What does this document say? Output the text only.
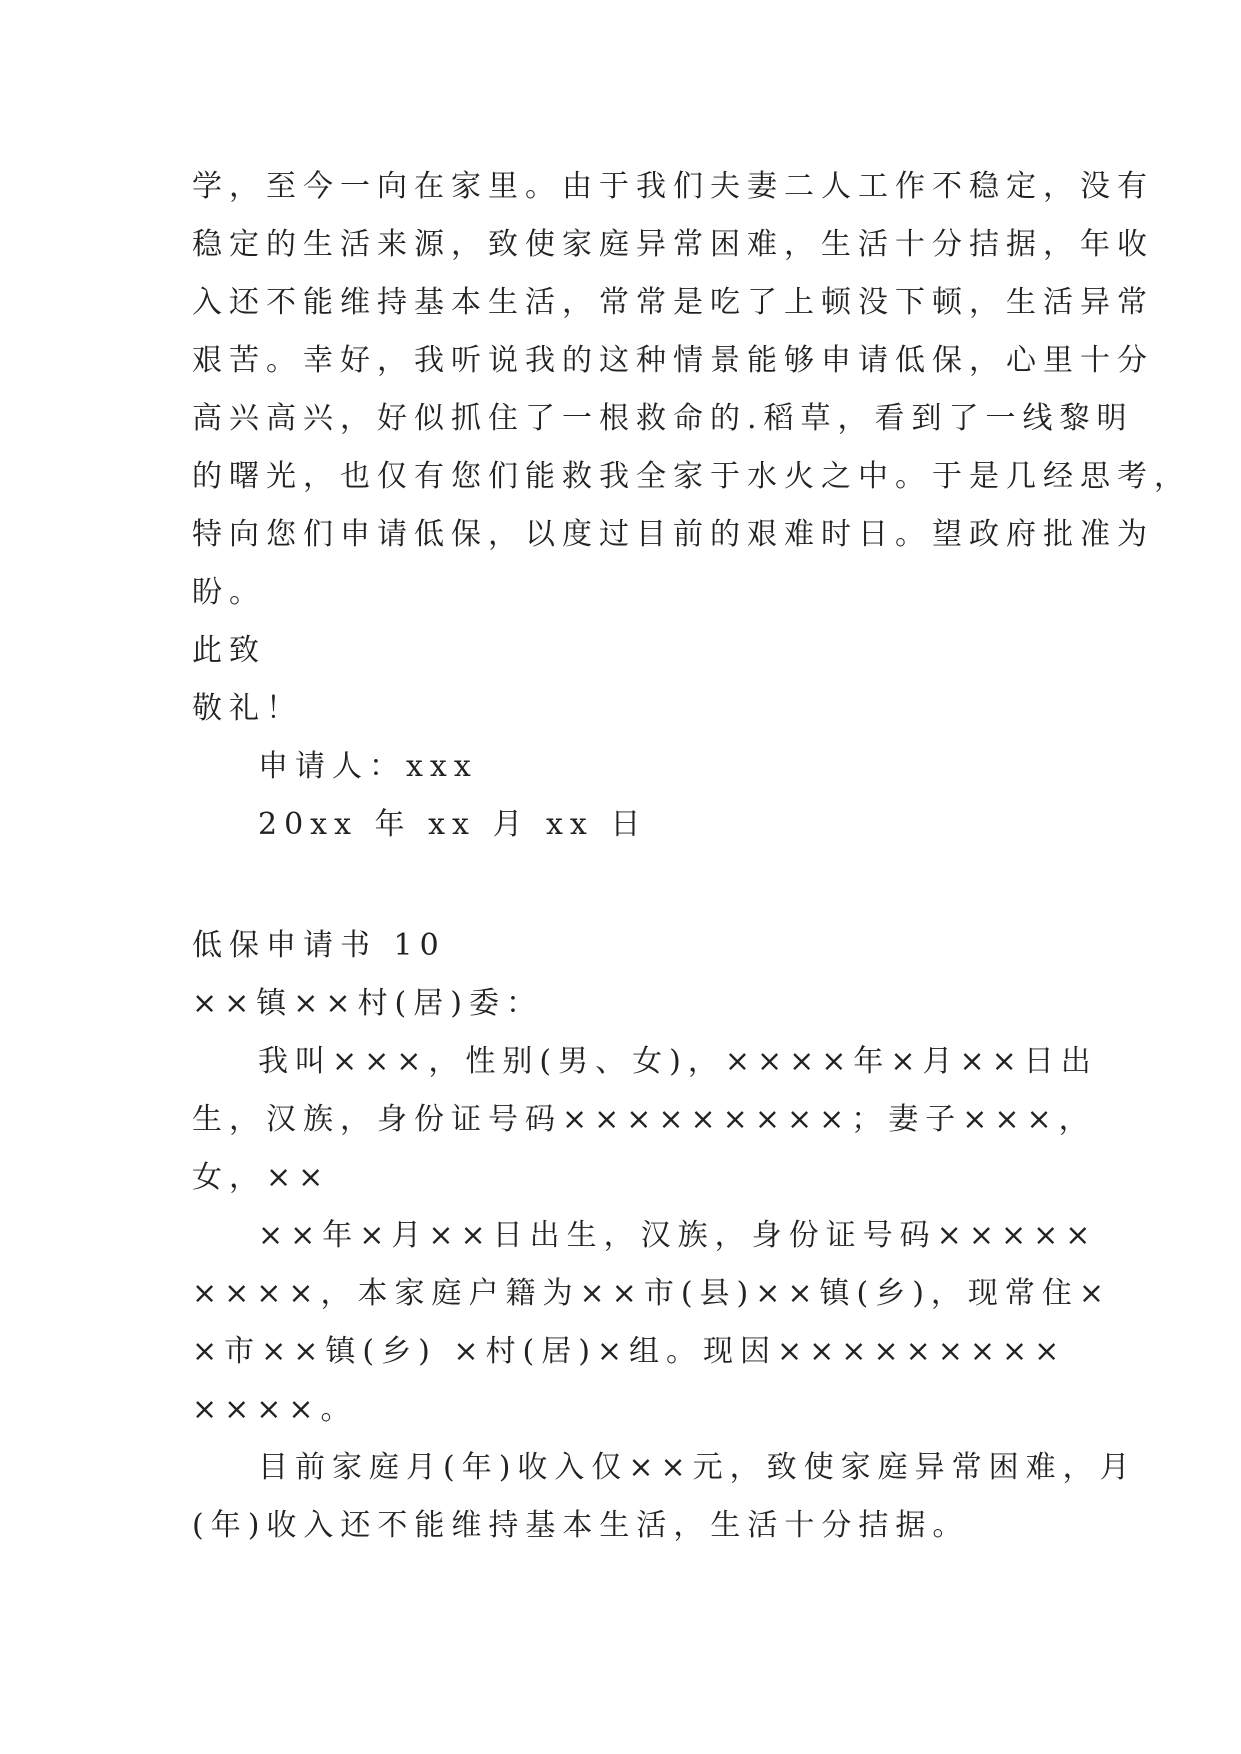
学，至今一向在家里。由于我们夫妻二人工作不稳定，没有
稳定的生活来源，致使家庭异常困难，生活十分拮据，年收
入还不能维持基本生活，常常是吃了上顿没下顿，生活异常
艰苦。幸好，我听说我的这种情景能够申请低保，心里十分
高兴高兴，好似抓住了一根救命的.稻草，看到了一线黎明
的曙光，也仅有您们能救我全家于水火之中。于是几经思考，
特向您们申请低保，以度过目前的艰难时日。望政府批准为
盼。
此致
敬礼！
申请人：xxx
20xx 年 xx 月 xx 日
低保申请书 10
××镇××村(居)委：
我叫×××，性别(男、女)，××××年×月××日出
生，汉族，身份证号码×××××××××；妻子×××，
女，××
××年×月××日出生，汉族，身份证号码×××××
××××，本家庭户籍为××市(县)××镇(乡)，现常住×
×市××镇(乡) ×村(居)×组。现因×××××××××
××××。
目前家庭月(年)收入仅××元，致使家庭异常困难，月
(年)收入还不能维持基本生活，生活十分拮据。
